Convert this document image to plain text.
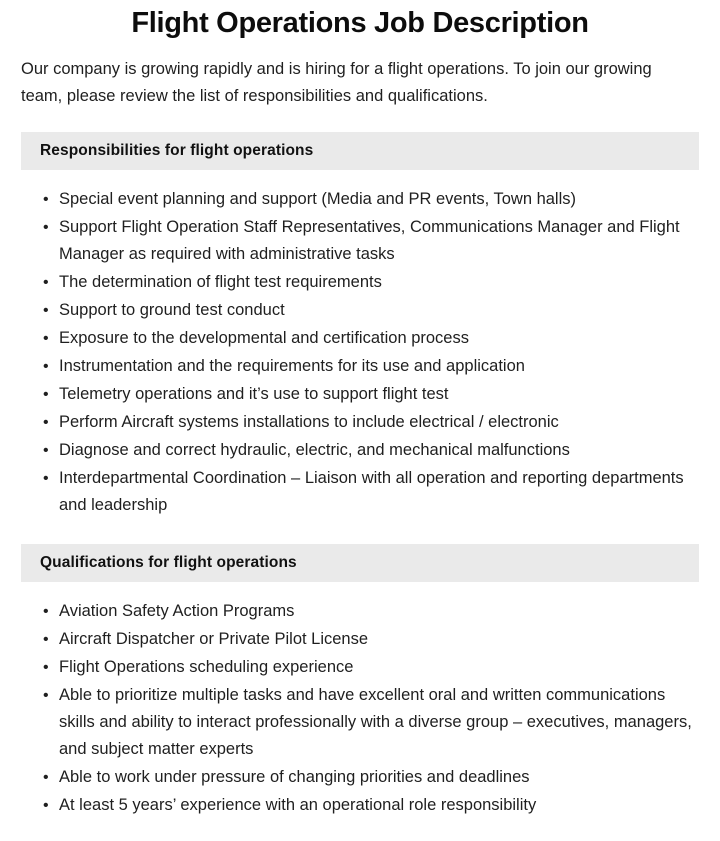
Flight Operations Job Description

Our company is growing rapidly and is hiring for a flight operations. To join our growing team, please review the list of responsibilities and qualifications.

Responsibilities for flight operations
• Special event planning and support (Media and PR events, Town halls)
• Support Flight Operation Staff Representatives, Communications Manager and Flight Manager as required with administrative tasks
• The determination of flight test requirements
• Support to ground test conduct
• Exposure to the developmental and certification process
• Instrumentation and the requirements for its use and application
• Telemetry operations and it’s use to support flight test
• Perform Aircraft systems installations to include electrical / electronic
• Diagnose and correct hydraulic, electric, and mechanical malfunctions
• Interdepartmental Coordination – Liaison with all operation and reporting departments and leadership
Qualifications for flight operations
• Aviation Safety Action Programs
• Aircraft Dispatcher or Private Pilot License
• Flight Operations scheduling experience
• Able to prioritize multiple tasks and have excellent oral and written communications skills and ability to interact professionally with a diverse group – executives, managers, and subject matter experts
• Able to work under pressure of changing priorities and deadlines
• At least 5 years’ experience with an operational role responsibility
